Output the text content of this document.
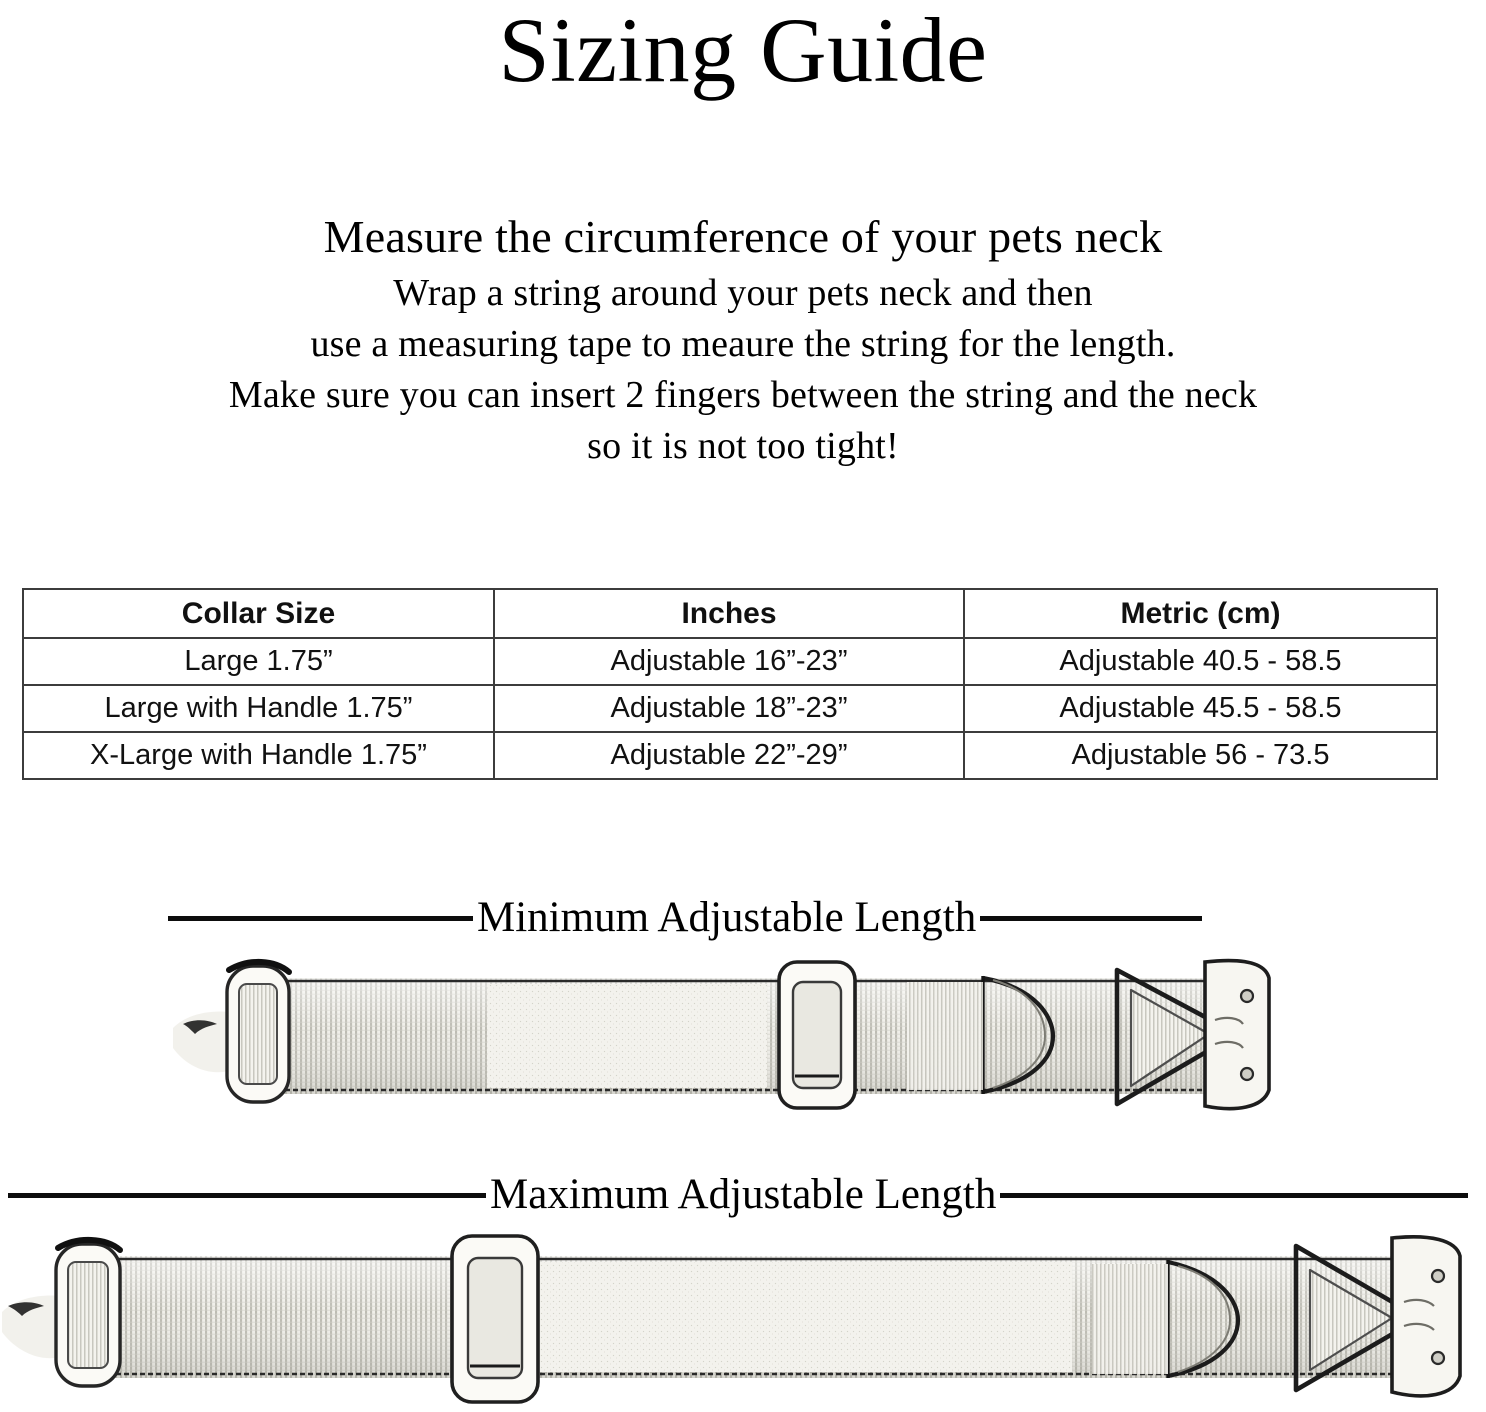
Sizing Guide
Measure the circumference of your pets neck
Wrap a string around your pets neck and then
use a measuring tape to meaure the string for the length.
Make sure you can insert 2 fingers between the string and the neck
so it is not too tight!
Collar Size	Inches	Metric (cm)
Large 1.75”	Adjustable 16”-23”	Adjustable 40.5 - 58.5
Large with Handle 1.75”	Adjustable 18”-23”	Adjustable 45.5 - 58.5
X-Large with Handle 1.75”	Adjustable 22”-29”	Adjustable 56 - 73.5
Minimum Adjustable Length
Maximum Adjustable Length
